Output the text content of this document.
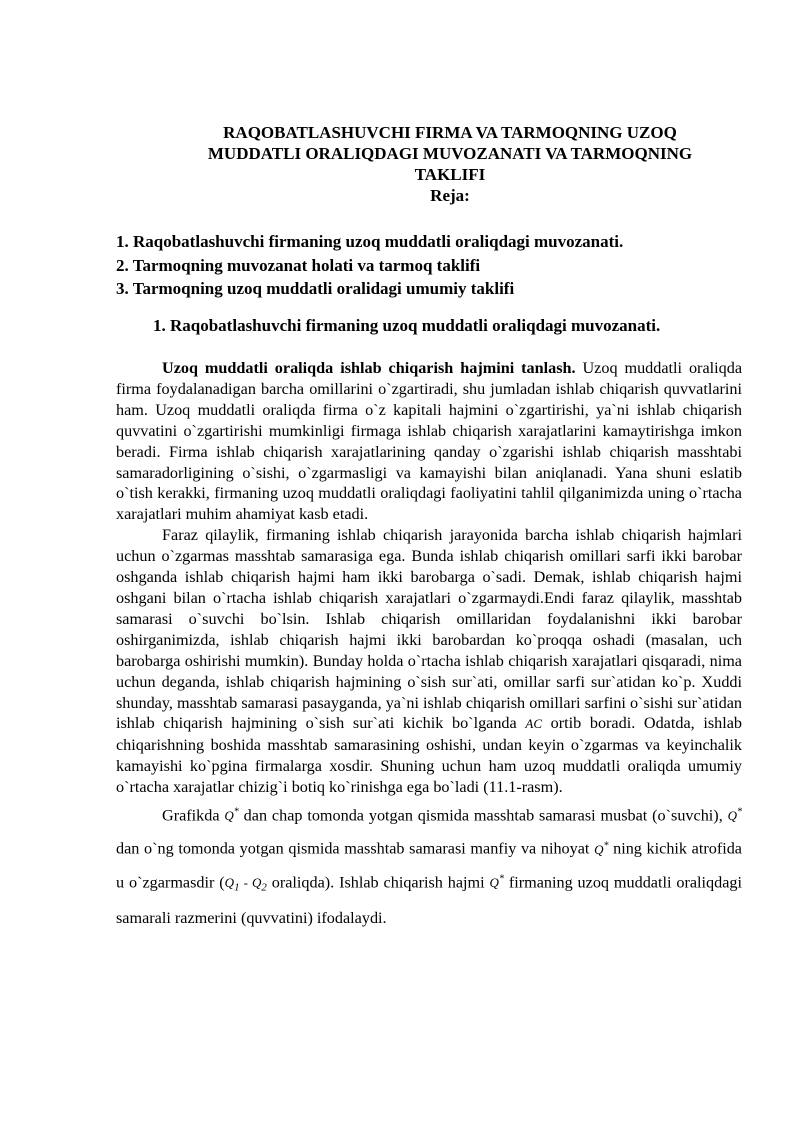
RAQOBATLASHUVCHI FIRMA VA TARMOQNING UZOQ
MUDDATLI ORALIQDAGI MUVOZANATI VA TARMOQNING
TAKLIFI
Reja:
1. Raqobatlashuvchi firmaning uzoq muddatli oraliqdagi muvozanati.
2. Tarmoqning muvozanat holati va tarmoq taklifi
3. Tarmoqning uzoq muddatli oralidagi umumiy taklifi
1. Raqobatlashuvchi firmaning uzoq muddatli oraliqdagi muvozanati.

Uzoq muddatli oraliqda ishlab chiqarish hajmini tanlash. Uzoq muddatli oraliqda firma foydalanadigan barcha omillarini o`zgartiradi, shu jumladan ishlab chiqarish quvvatlarini ham. Uzoq muddatli oraliqda firma o`z kapitali hajmini o`zgartirishi, ya`ni ishlab chiqarish quvvatini o`zgartirishi mumkinligi firmaga ishlab chiqarish xarajatlarini kamaytirishga imkon beradi. Firma ishlab chiqarish xarajatlarining qanday o`zgarishi ishlab chiqarish masshtabi samaradorligining o`sishi, o`zgarmasligi va kamayishi bilan aniqlanadi. Yana shuni eslatib o`tish kerakki, firmaning uzoq muddatli oraliqdagi faoliyatini tahlil qilganimizda uning o`rtacha xarajatlari muhim ahamiyat kasb etadi.

Faraz qilaylik, firmaning ishlab chiqarish jarayonida barcha ishlab chiqarish hajmlari uchun o`zgarmas masshtab samarasiga ega. Bunda ishlab chiqarish omillari sarfi ikki barobar oshganda ishlab chiqarish hajmi ham ikki barobarga o`sadi. Demak, ishlab chiqarish hajmi oshgani bilan o`rtacha ishlab chiqarish xarajatlari o`zgarmaydi.Endi faraz qilaylik, masshtab samarasi o`suvchi bo`lsin. Ishlab chiqarish omillaridan foydalanishni ikki barobar oshirganimizda, ishlab chiqarish hajmi ikki barobardan ko`proqqa oshadi (masalan, uch barobarga oshirishi mumkin). Bunday holda o`rtacha ishlab chiqarish xarajatlari qisqaradi, nima uchun deganda, ishlab chiqarish hajmining o`sish sur`ati, omillar sarfi sur`atidan ko`p. Xuddi shunday, masshtab samarasi pasayganda, ya`ni ishlab chiqarish omillari sarfini o`sishi sur`atidan ishlab chiqarish hajmining o`sish sur`ati kichik bo`lganda AC ortib boradi. Odatda, ishlab chiqarishning boshida masshtab samarasining oshishi, undan keyin o`zgarmas va keyinchalik kamayishi ko`pgina firmalarga xosdir. Shuning uchun ham uzoq muddatli oraliqda umumiy o`rtacha xarajatlar chizig`i botiq ko`rinishga ega bo`ladi (11.1-rasm).

Grafikda Q* dan chap tomonda yotgan qismida masshtab samarasi musbat (o`suvchi), Q* dan o`ng tomonda yotgan qismida masshtab samarasi manfiy va nihoyat Q* ning kichik atrofida u o`zgarmasdir ($Q_1 - Q_2$ oraliqda). Ishlab chiqarish hajmi Q* firmaning uzoq muddatli oraliqdagi samarali razmerini (quvvatini) ifodalaydi.
